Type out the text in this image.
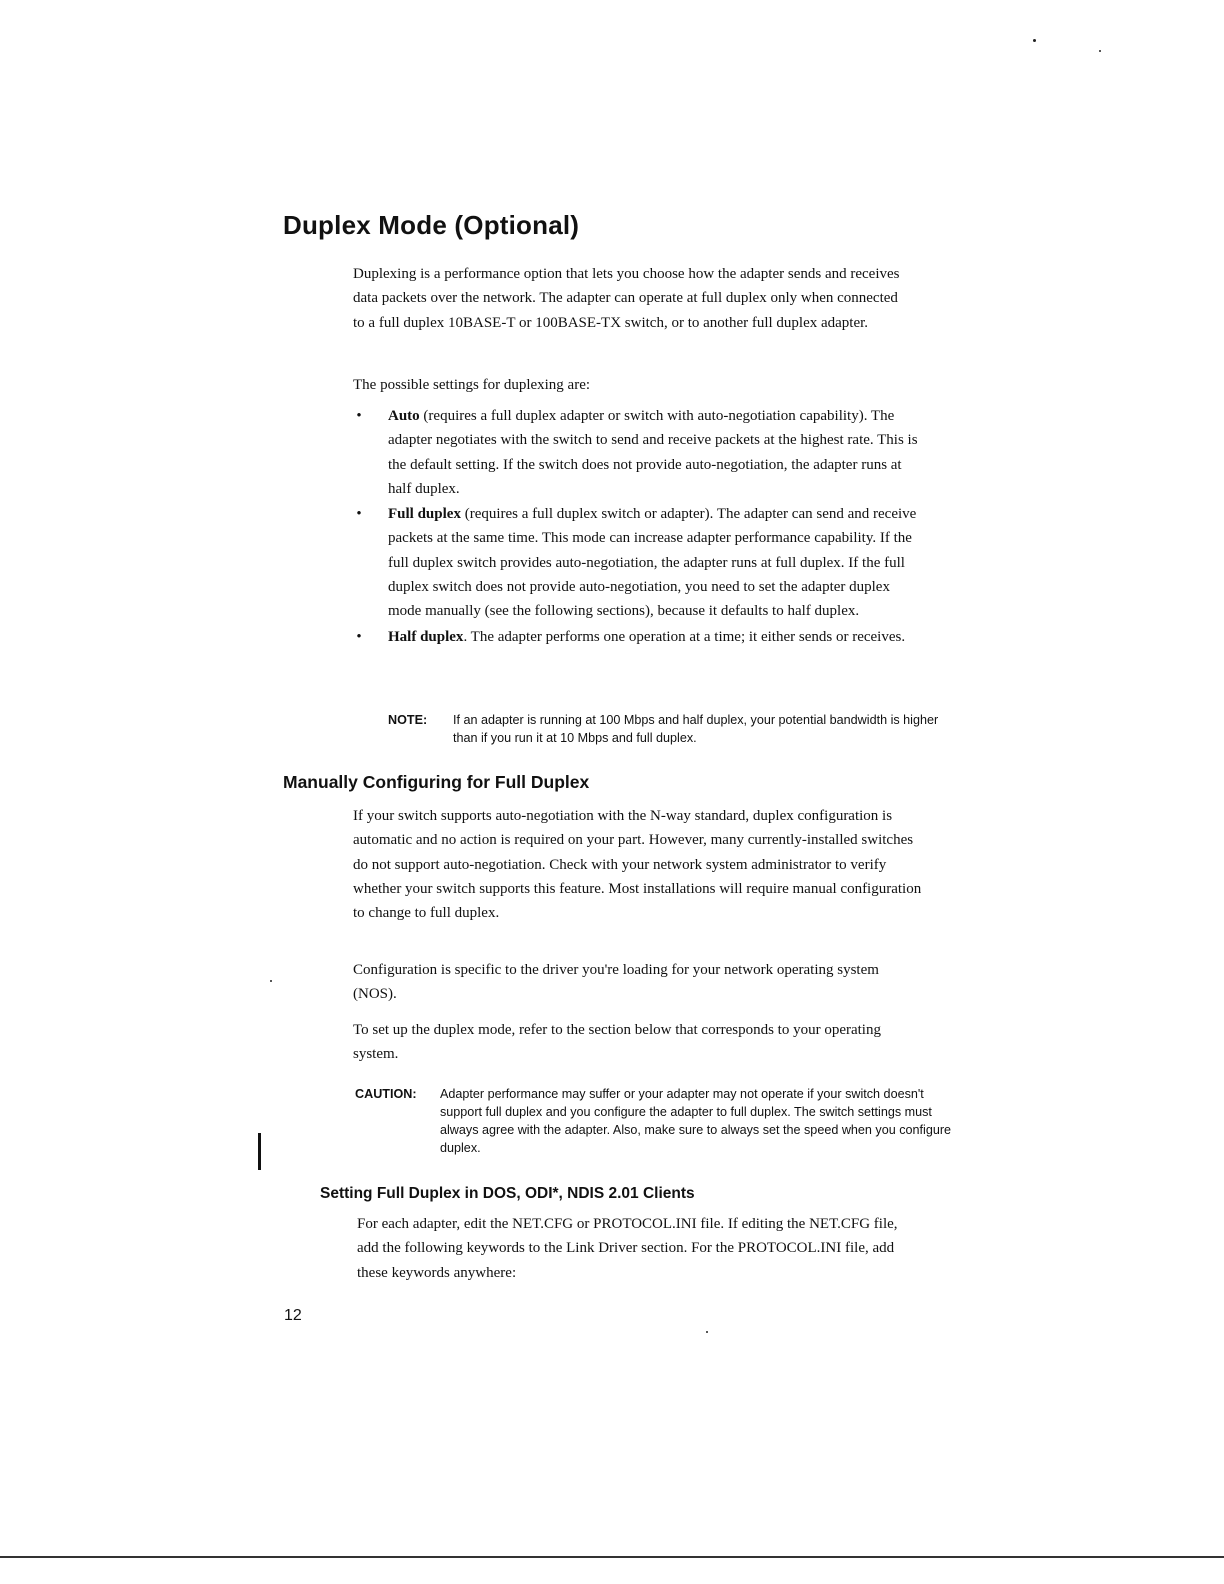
Duplex Mode (Optional)

Duplexing is a performance option that lets you choose how the adapter sends and receives data packets over the network. The adapter can operate at full duplex only when connected to a full duplex 10BASE-T or 100BASE-TX switch, or to another full duplex adapter.

The possible settings for duplexing are:

• Auto (requires a full duplex adapter or switch with auto-negotiation capability). The adapter negotiates with the switch to send and receive packets at the highest rate. This is the default setting. If the switch does not provide auto-negotiation, the adapter runs at half duplex.
• Full duplex (requires a full duplex switch or adapter). The adapter can send and receive packets at the same time. This mode can increase adapter performance capability. If the full duplex switch provides auto-negotiation, the adapter runs at full duplex. If the full duplex switch does not provide auto-negotiation, you need to set the adapter duplex mode manually (see the following sections), because it defaults to half duplex.
• Half duplex. The adapter performs one operation at a time; it either sends or receives.
NOTE: If an adapter is running at 100 Mbps and half duplex, your potential bandwidth is higher than if you run it at 10 Mbps and full duplex.
Manually Configuring for Full Duplex

If your switch supports auto-negotiation with the N-way standard, duplex configuration is automatic and no action is required on your part. However, many currently-installed switches do not support auto-negotiation. Check with your network system administrator to verify whether your switch supports this feature. Most installations will require manual configuration to change to full duplex.

Configuration is specific to the driver you're loading for your network operating system (NOS).

To set up the duplex mode, refer to the section below that corresponds to your operating system.

CAUTION: Adapter performance may suffer or your adapter may not operate if your switch doesn't support full duplex and you configure the adapter to full duplex. The switch settings must always agree with the adapter. Also, make sure to always set the speed when you configure duplex.
Setting Full Duplex in DOS, ODI*, NDIS 2.01 Clients

For each adapter, edit the NET.CFG or PROTOCOL.INI file. If editing the NET.CFG file, add the following keywords to the Link Driver section. For the PROTOCOL.INI file, add these keywords anywhere:

12
